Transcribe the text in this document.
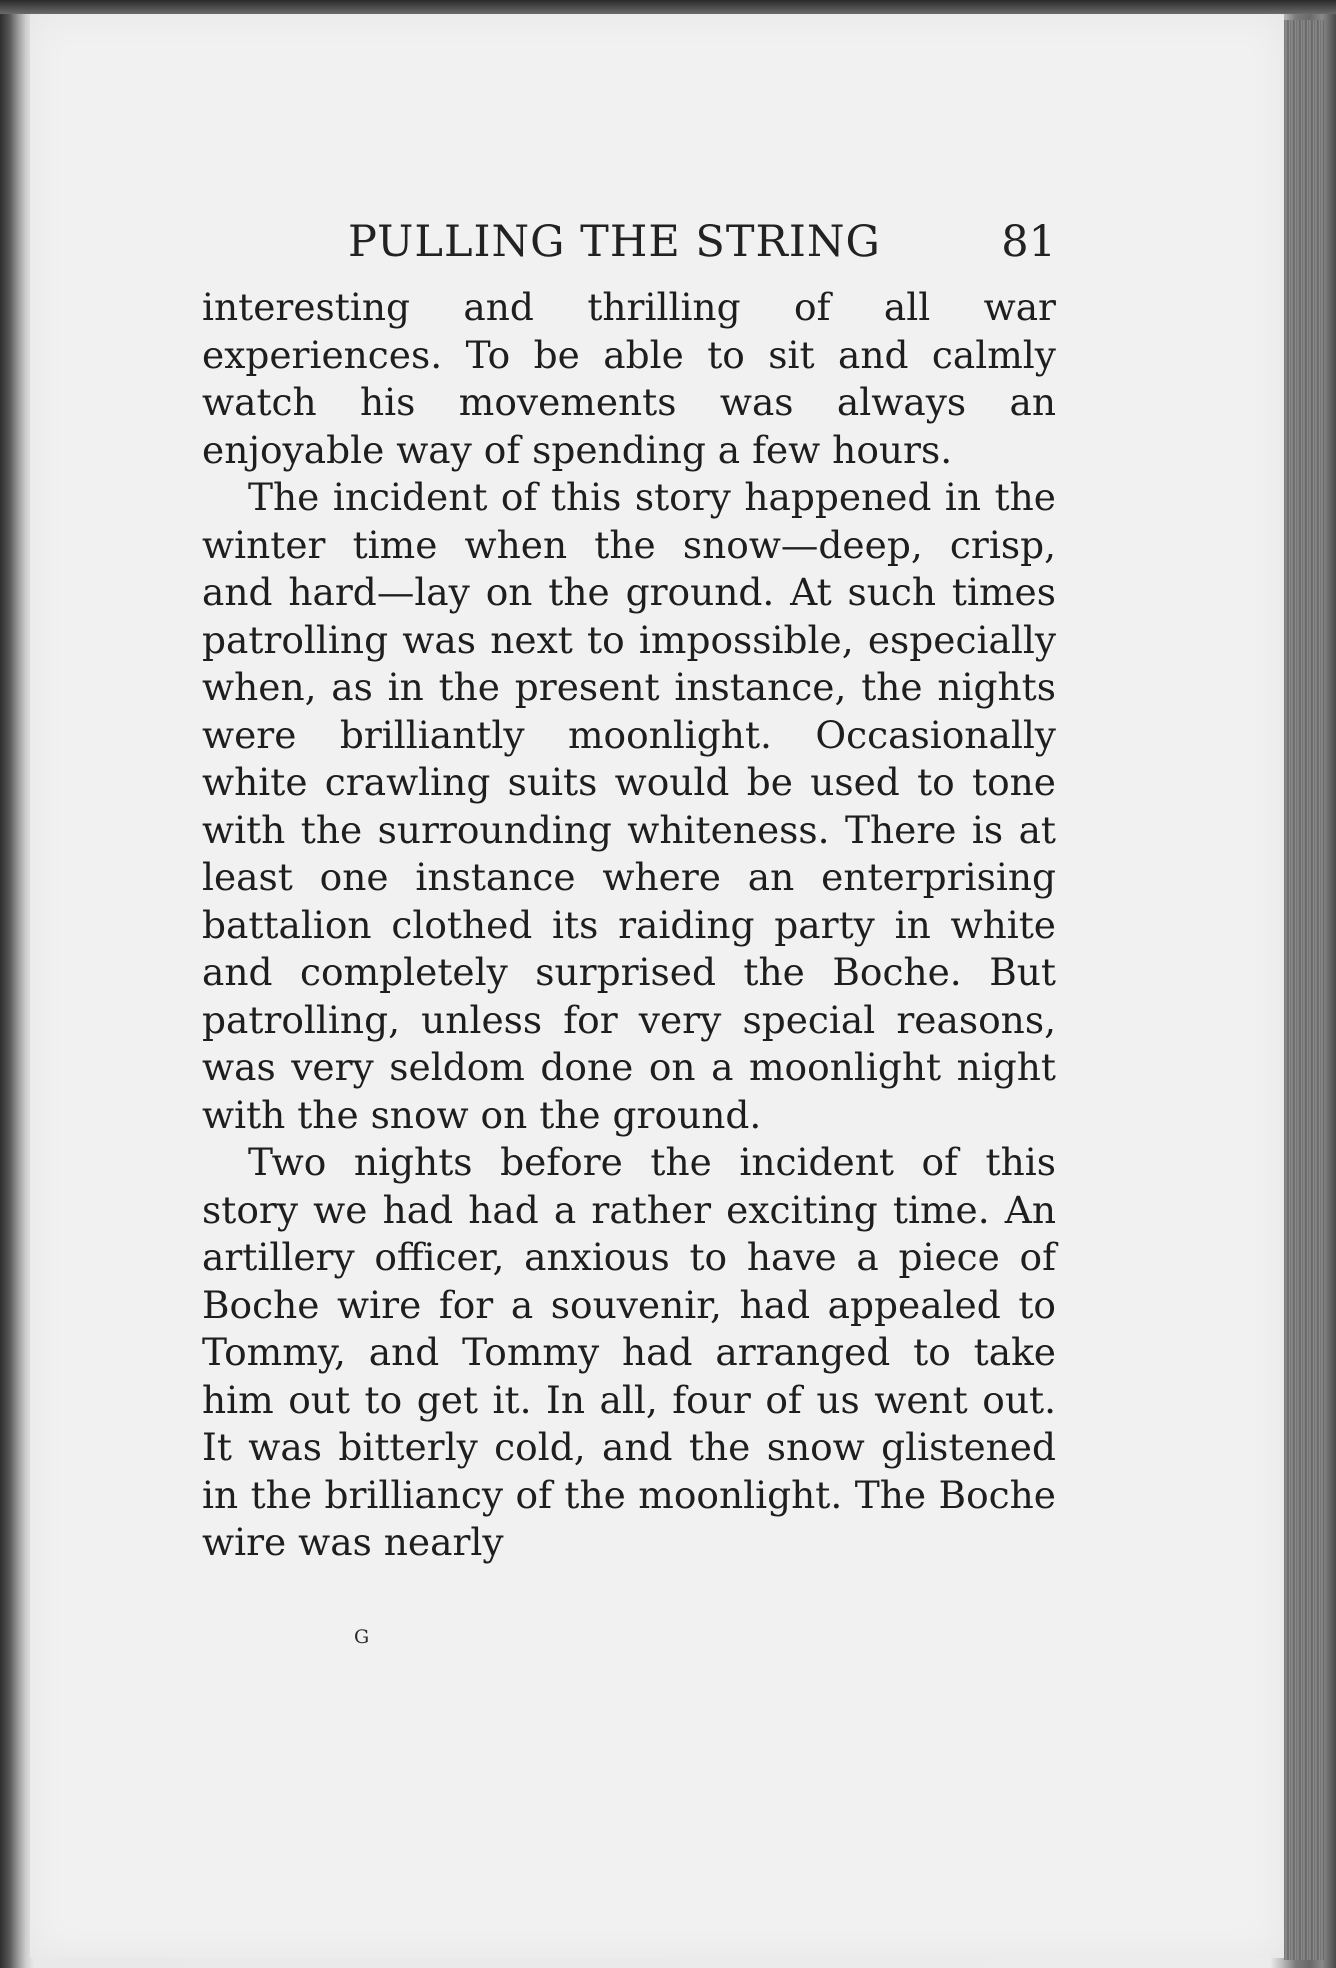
PULLING THE STRING	81

interesting and thrilling of all war experiences. To be able to sit and calmly watch his movements was always an enjoyable way of spending a few hours.

The incident of this story happened in the winter time when the snow—deep, crisp, and hard—lay on the ground. At such times patrolling was next to impossible, especially when, as in the present instance, the nights were brilliantly moonlight. Occasionally white crawling suits would be used to tone with the surrounding whiteness. There is at least one instance where an enterprising battalion clothed its raiding party in white and completely surprised the Boche. But patrolling, unless for very special reasons, was very seldom done on a moonlight night with the snow on the ground.

Two nights before the incident of this story we had had a rather exciting time. An artillery officer, anxious to have a piece of Boche wire for a souvenir, had appealed to Tommy, and Tommy had arranged to take him out to get it. In all, four of us went out. It was bitterly cold, and the snow glistened in the brilliancy of the moonlight. The Boche wire was nearly

G
